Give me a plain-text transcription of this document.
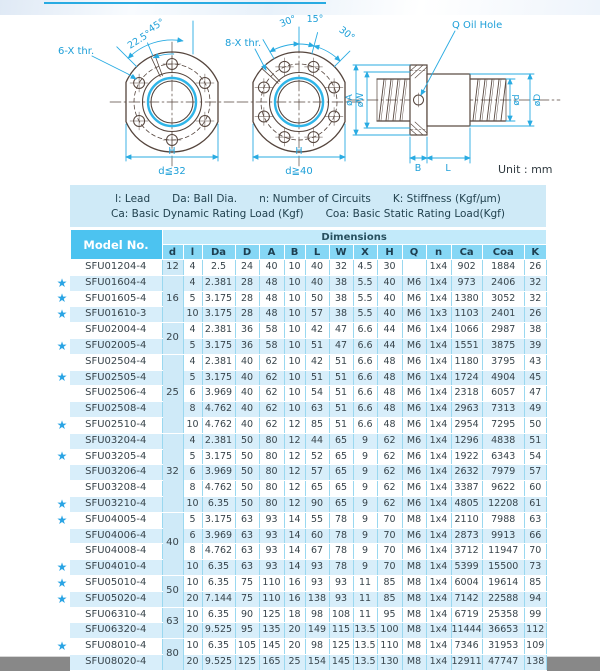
45°
22.5°
6-X thr.
H
d≦32
30° 15°
30°
8-X thr.
H
d≧40
Q Oil Hole
øA øW	ød øD
B	L	Unit : mm
l: Lead Da: Ball Dia. n: Number of Circuits K: Stiffness (Kgf/μm)
Ca: Basic Dynamic Rating Load (Kgf) Coa: Basic Static Rating Load(Kgf)
	Model No.	Dimensions														
		d	l	Da	D	A	B	L	W	X	H	Q	n	Ca	Coa	K
	SFU01204-4	12	4	2.5	24	40	10	40	32	4.5	30		1x4	902	1884	26
★	SFU01604-4	16	4	2.381	28	48	10	40	38	5.5	40	M6	1x4	973	2406	32
★	SFU01605-4		5	3.175	28	48	10	50	38	5.5	40	M6	1x4	1380	3052	32
★	SFU01610-3		10	3.175	28	48	10	57	38	5.5	40	M6	1x3	1103	2401	26
	SFU02004-4	20	4	2.381	36	58	10	42	47	6.6	44	M6	1x4	1066	2987	38
★	SFU02005-4		5	3.175	36	58	10	51	47	6.6	44	M6	1x4	1551	3875	39
	SFU02504-4	25	4	2.381	40	62	10	42	51	6.6	48	M6	1x4	1180	3795	43
★	SFU02505-4		5	3.175	40	62	10	51	51	6.6	48	M6	1x4	1724	4904	45
	SFU02506-4		6	3.969	40	62	10	54	51	6.6	48	M6	1x4	2318	6057	47
	SFU02508-4		8	4.762	40	62	10	63	51	6.6	48	M6	1x4	2963	7313	49
★	SFU02510-4		10	4.762	40	62	12	85	51	6.6	48	M6	1x4	2954	7295	50
	SFU03204-4	32	4	2.381	50	80	12	44	65	9	62	M6	1x4	1296	4838	51
★	SFU03205-4		5	3.175	50	80	12	52	65	9	62	M6	1x4	1922	6343	54
	SFU03206-4		6	3.969	50	80	12	57	65	9	62	M6	1x4	2632	7979	57
	SFU03208-4		8	4.762	50	80	12	65	65	9	62	M6	1x4	3387	9622	60
★	SFU03210-4		10	6.35	50	80	12	90	65	9	62	M6	1x4	4805	12208	61
★	SFU04005-4	40	5	3.175	63	93	14	55	78	9	70	M8	1x4	2110	7988	63
	SFU04006-4		6	3.969	63	93	14	60	78	9	70	M6	1x4	2873	9913	66
	SFU04008-4		8	4.762	63	93	14	67	78	9	70	M6	1x4	3712	11947	70
★	SFU04010-4		10	6.35	63	93	14	93	78	9	70	M8	1x4	5399	15500	73
★	SFU05010-4	50	10	6.35	75	110	16	93	93	11	85	M8	1x4	6004	19614	85
★	SFU05020-4		20	7.144	75	110	16	138	93	11	85	M8	1x4	7142	22588	94
	SFU06310-4	63	10	6.35	90	125	18	98	108	11	95	M8	1x4	6719	25358	99
	SFU06320-4		20	9.525	95	135	20	149	115	13.5	100	M8	1x4	11444	36653	112
★	SFU08010-4	80	10	6.35	105	145	20	98	125	13.5	110	M8	1x4	7346	31953	109
	SFU08020-4		20	9.525	125	165	25	154	145	13.5	130	M8	1x4	12911	47747	138
